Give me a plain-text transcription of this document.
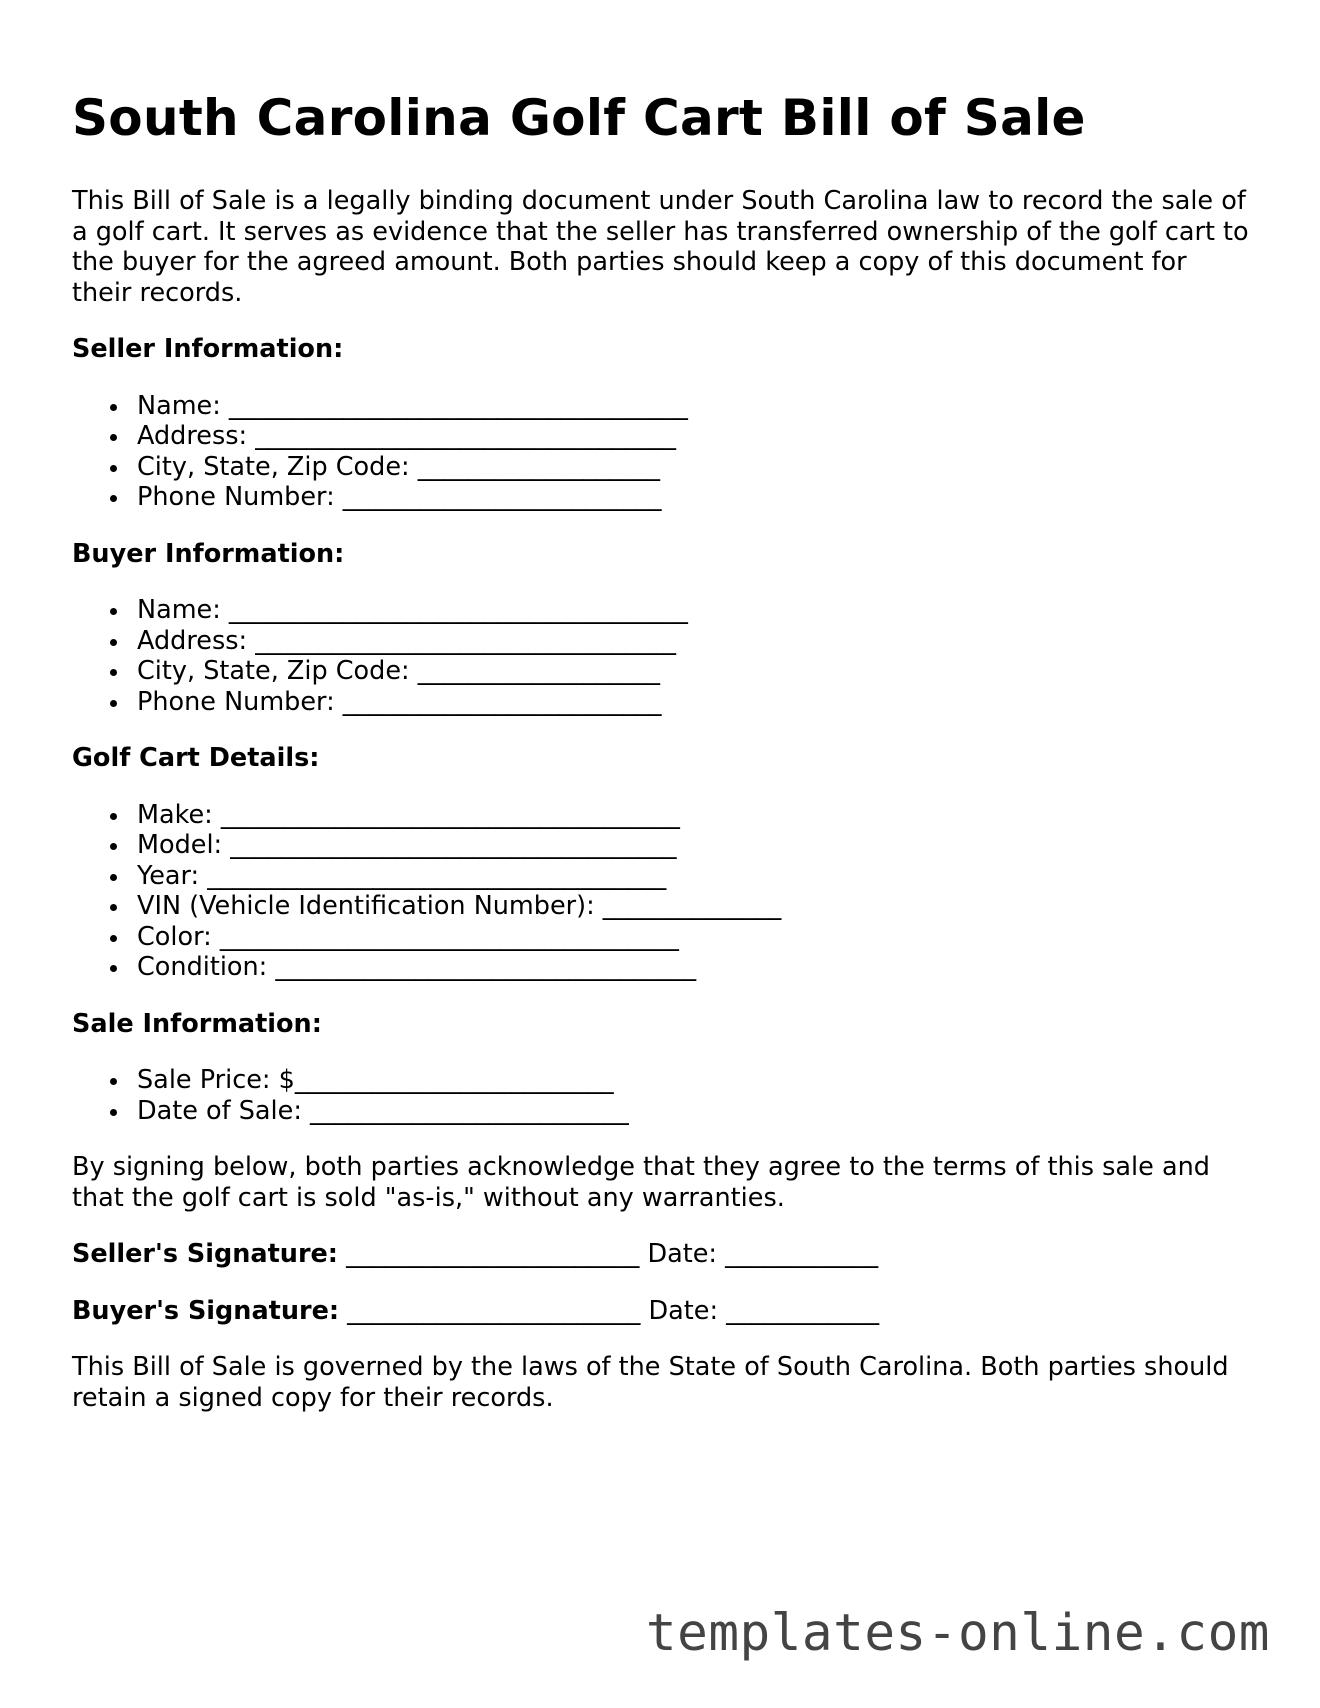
South Carolina Golf Cart Bill of Sale

This Bill of Sale is a legally binding document under South Carolina law to record the sale of a golf cart. It serves as evidence that the seller has transferred ownership of the golf cart to the buyer for the agreed amount. Both parties should keep a copy of this document for their records.

Seller Information:
Name: ____________________________________
Address: _________________________________
City, State, Zip Code: ___________________
Phone Number: _________________________
Buyer Information:
Name: ____________________________________
Address: _________________________________
City, State, Zip Code: ___________________
Phone Number: _________________________
Golf Cart Details:
Make: ____________________________________
Model: ___________________________________
Year: ____________________________________
VIN (Vehicle Identification Number): ______________
Color: ____________________________________
Condition: _________________________________
Sale Information:
Sale Price: $_________________________
Date of Sale: _________________________

By signing below, both parties acknowledge that they agree to the terms of this sale and that the golf cart is sold "as-is," without any warranties.

Seller's Signature: _______________________ Date: ____________
Buyer's Signature: _______________________ Date: ____________

This Bill of Sale is governed by the laws of the State of South Carolina. Both parties should retain a signed copy for their records.

templates-online.com
